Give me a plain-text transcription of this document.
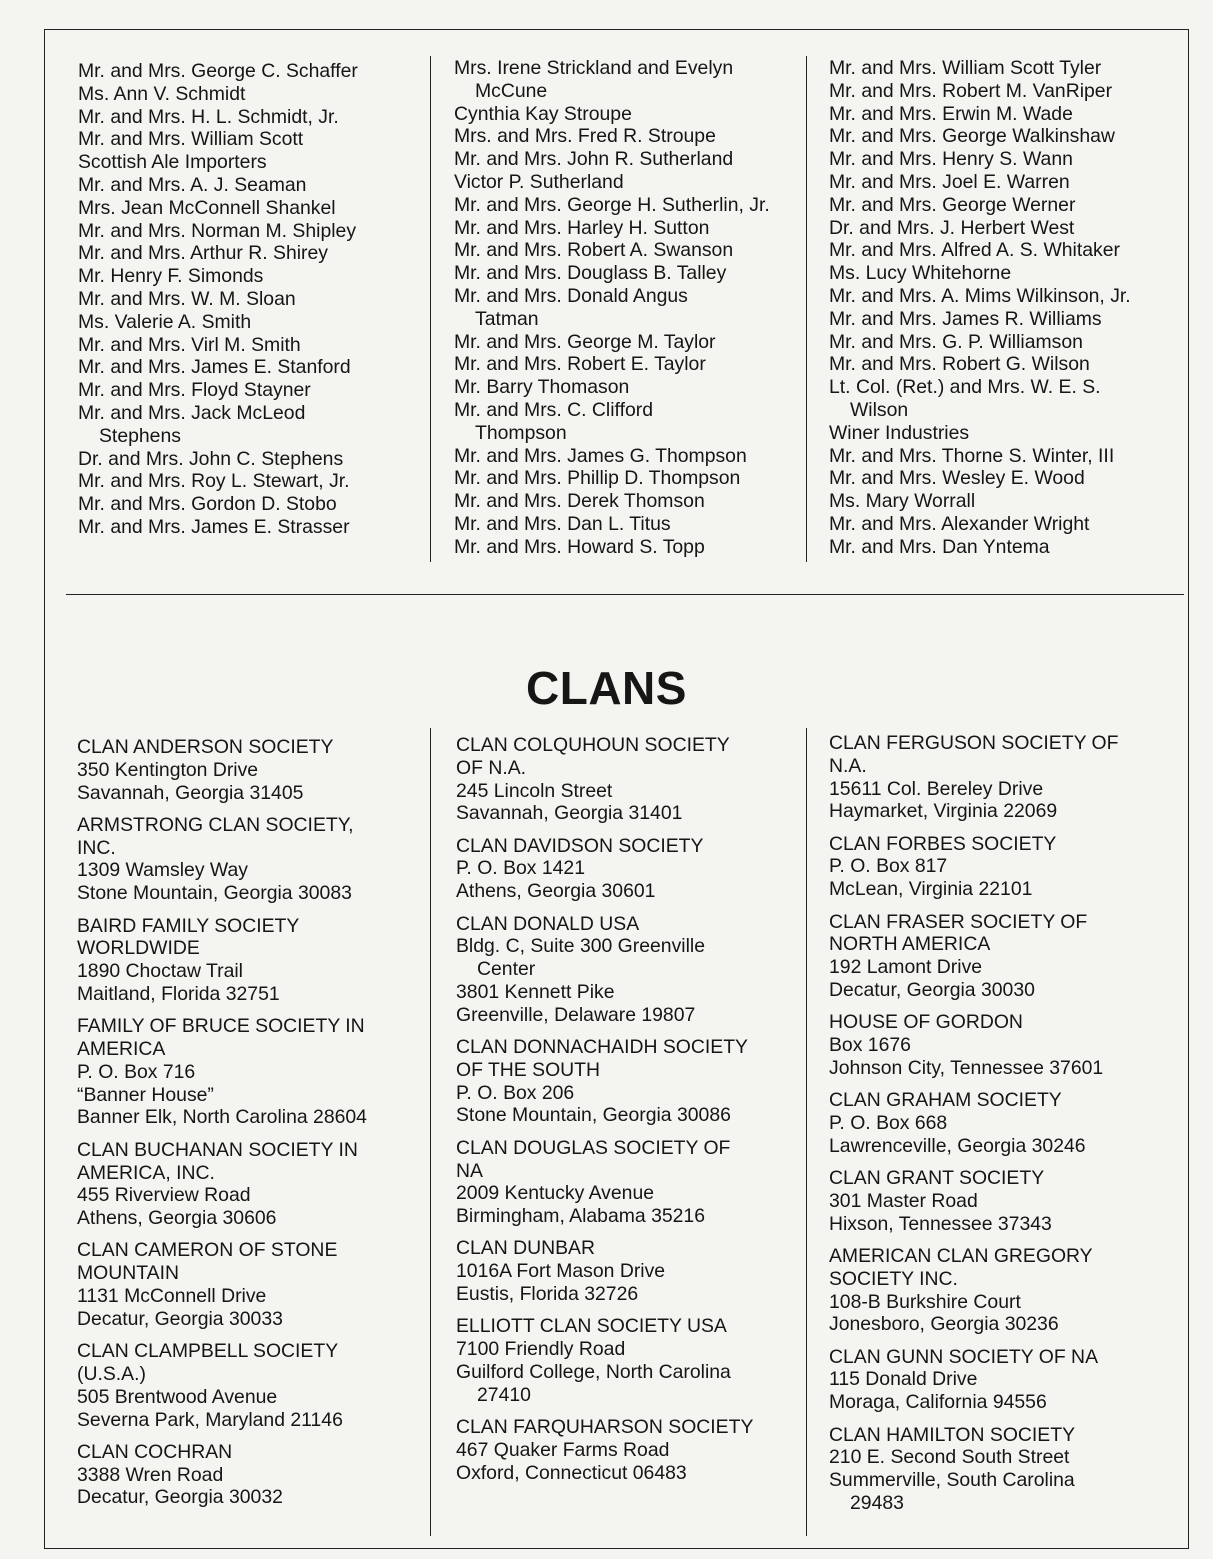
Mr. and Mrs. George C. Schaffer
Ms. Ann V. Schmidt
Mr. and Mrs. H. L. Schmidt, Jr.
Mr. and Mrs. William Scott
Scottish Ale Importers
Mr. and Mrs. A. J. Seaman
Mrs. Jean McConnell Shankel
Mr. and Mrs. Norman M. Shipley
Mr. and Mrs. Arthur R. Shirey
Mr. Henry F. Simonds
Mr. and Mrs. W. M. Sloan
Ms. Valerie A. Smith
Mr. and Mrs. Virl M. Smith
Mr. and Mrs. James E. Stanford
Mr. and Mrs. Floyd Stayner
Mr. and Mrs. Jack McLeod
Stephens
Dr. and Mrs. John C. Stephens
Mr. and Mrs. Roy L. Stewart, Jr.
Mr. and Mrs. Gordon D. Stobo
Mr. and Mrs. James E. Strasser
Mrs. Irene Strickland and Evelyn
McCune
Cynthia Kay Stroupe
Mrs. and Mrs. Fred R. Stroupe
Mr. and Mrs. John R. Sutherland
Victor P. Sutherland
Mr. and Mrs. George H. Sutherlin, Jr.
Mr. and Mrs. Harley H. Sutton
Mr. and Mrs. Robert A. Swanson
Mr. and Mrs. Douglass B. Talley
Mr. and Mrs. Donald Angus
Tatman
Mr. and Mrs. George M. Taylor
Mr. and Mrs. Robert E. Taylor
Mr. Barry Thomason
Mr. and Mrs. C. Clifford
Thompson
Mr. and Mrs. James G. Thompson
Mr. and Mrs. Phillip D. Thompson
Mr. and Mrs. Derek Thomson
Mr. and Mrs. Dan L. Titus
Mr. and Mrs. Howard S. Topp
Mr. and Mrs. William Scott Tyler
Mr. and Mrs. Robert M. VanRiper
Mr. and Mrs. Erwin M. Wade
Mr. and Mrs. George Walkinshaw
Mr. and Mrs. Henry S. Wann
Mr. and Mrs. Joel E. Warren
Mr. and Mrs. George Werner
Dr. and Mrs. J. Herbert West
Mr. and Mrs. Alfred A. S. Whitaker
Ms. Lucy Whitehorne
Mr. and Mrs. A. Mims Wilkinson, Jr.
Mr. and Mrs. James R. Williams
Mr. and Mrs. G. P. Williamson
Mr. and Mrs. Robert G. Wilson
Lt. Col. (Ret.) and Mrs. W. E. S.
Wilson
Winer Industries
Mr. and Mrs. Thorne S. Winter, III
Mr. and Mrs. Wesley E. Wood
Ms. Mary Worrall
Mr. and Mrs. Alexander Wright
Mr. and Mrs. Dan Yntema
CLANS
CLAN ANDERSON SOCIETY
350 Kentington Drive
Savannah, Georgia 31405
ARMSTRONG CLAN SOCIETY,
INC.
1309 Wamsley Way
Stone Mountain, Georgia 30083
BAIRD FAMILY SOCIETY
WORLDWIDE
1890 Choctaw Trail
Maitland, Florida 32751
FAMILY OF BRUCE SOCIETY IN
AMERICA
P. O. Box 716
“Banner House”
Banner Elk, North Carolina 28604
CLAN BUCHANAN SOCIETY IN
AMERICA, INC.
455 Riverview Road
Athens, Georgia 30606
CLAN CAMERON OF STONE
MOUNTAIN
1131 McConnell Drive
Decatur, Georgia 30033
CLAN CLAMPBELL SOCIETY
(U.S.A.)
505 Brentwood Avenue
Severna Park, Maryland 21146
CLAN COCHRAN
3388 Wren Road
Decatur, Georgia 30032
CLAN COLQUHOUN SOCIETY
OF N.A.
245 Lincoln Street
Savannah, Georgia 31401
CLAN DAVIDSON SOCIETY
P. O. Box 1421
Athens, Georgia 30601
CLAN DONALD USA
Bldg. C, Suite 300 Greenville
Center
3801 Kennett Pike
Greenville, Delaware 19807
CLAN DONNACHAIDH SOCIETY
OF THE SOUTH
P. O. Box 206
Stone Mountain, Georgia 30086
CLAN DOUGLAS SOCIETY OF
NA
2009 Kentucky Avenue
Birmingham, Alabama 35216
CLAN DUNBAR
1016A Fort Mason Drive
Eustis, Florida 32726
ELLIOTT CLAN SOCIETY USA
7100 Friendly Road
Guilford College, North Carolina
27410
CLAN FARQUHARSON SOCIETY
467 Quaker Farms Road
Oxford, Connecticut 06483
CLAN FERGUSON SOCIETY OF
N.A.
15611 Col. Bereley Drive
Haymarket, Virginia 22069
CLAN FORBES SOCIETY
P. O. Box 817
McLean, Virginia 22101
CLAN FRASER SOCIETY OF
NORTH AMERICA
192 Lamont Drive
Decatur, Georgia 30030
HOUSE OF GORDON
Box 1676
Johnson City, Tennessee 37601
CLAN GRAHAM SOCIETY
P. O. Box 668
Lawrenceville, Georgia 30246
CLAN GRANT SOCIETY
301 Master Road
Hixson, Tennessee 37343
AMERICAN CLAN GREGORY
SOCIETY INC.
108-B Burkshire Court
Jonesboro, Georgia 30236
CLAN GUNN SOCIETY OF NA
115 Donald Drive
Moraga, California 94556
CLAN HAMILTON SOCIETY
210 E. Second South Street
Summerville, South Carolina
29483
